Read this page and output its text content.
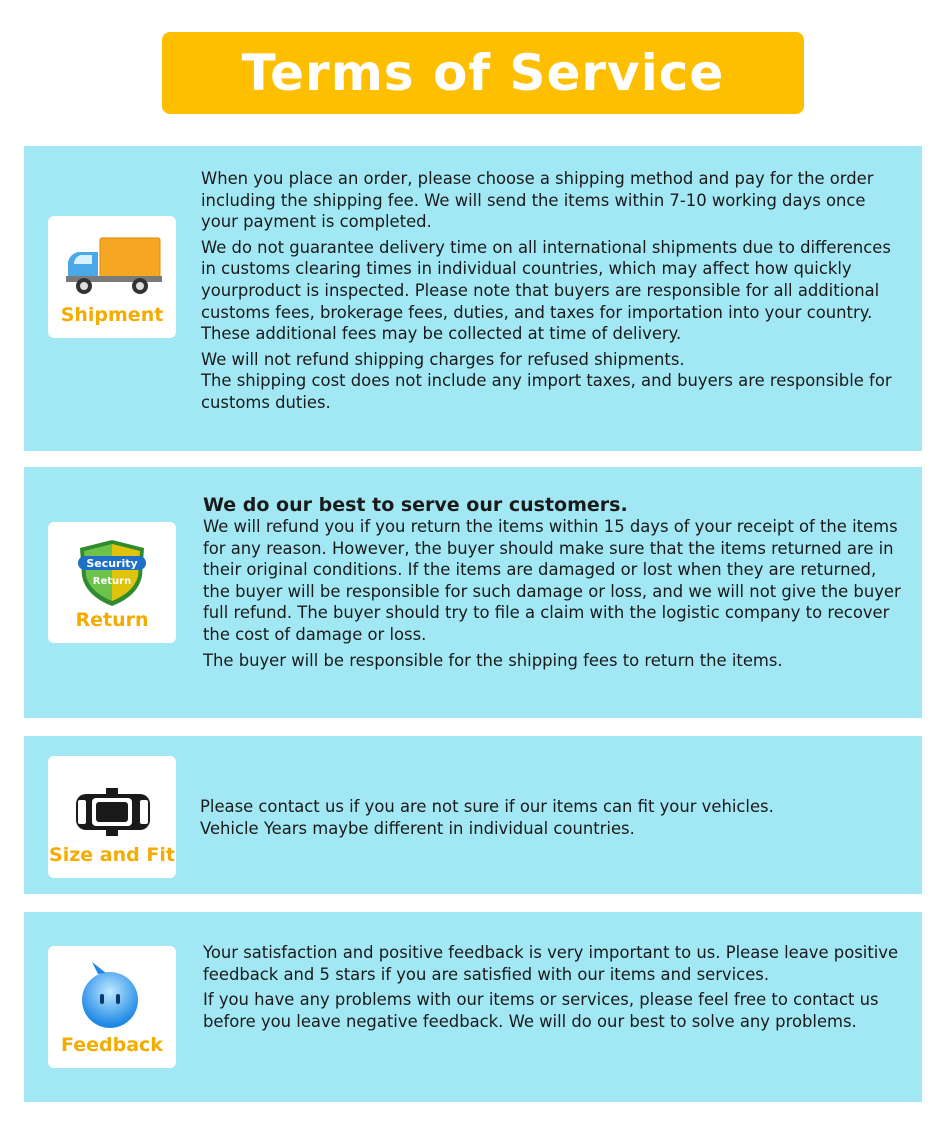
Terms of Service
Shipment

When you place an order, please choose a shipping method and pay for the order including the shipping fee. We will send the items within 7-10 working days once your payment is completed.

We do not guarantee delivery time on all international shipments due to differences in customs clearing times in individual countries, which may affect how quickly yourproduct is inspected. Please note that buyers are responsible for all additional customs fees, brokerage fees, duties, and taxes for importation into your country. These additional fees may be collected at time of delivery.

We will not refund shipping charges for refused shipments.

The shipping cost does not include any import taxes, and buyers are responsible for customs duties.

Security
Return
Return

We do our best to serve our customers.

We will refund you if you return the items within 15 days of your receipt of the items for any reason. However, the buyer should make sure that the items returned are in their original conditions. If the items are damaged or lost when they are returned, the buyer will be responsible for such damage or loss, and we will not give the buyer full refund. The buyer should try to file a claim with the logistic company to recover the cost of damage or loss.

The buyer will be responsible for the shipping fees to return the items.

Size and Fit

Please contact us if you are not sure if our items can fit your vehicles.

Vehicle Years maybe different in individual countries.

Feedback

Your satisfaction and positive feedback is very important to us. Please leave positive feedback and 5 stars if you are satisfied with our items and services.

If you have any problems with our items or services, please feel free to contact us before you leave negative feedback. We will do our best to solve any problems.
